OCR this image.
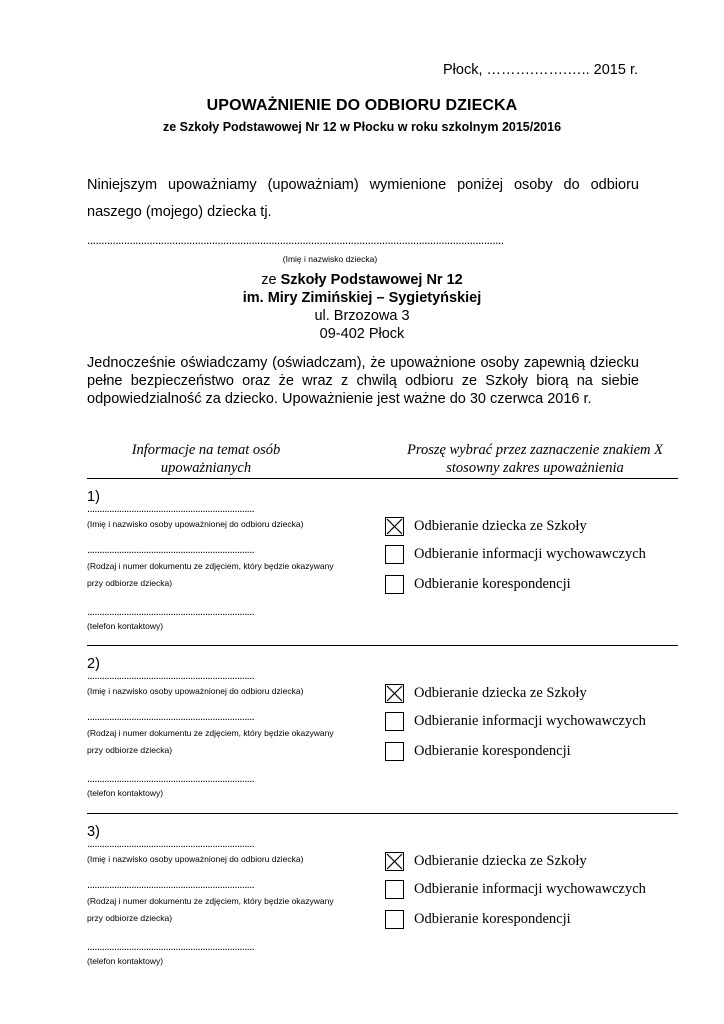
Płock, ……….…….….. 2015 r.
UPOWAŻNIENIE DO ODBIORU DZIECKA
ze Szkoły Podstawowej Nr 12 w Płocku w roku szkolnym 2015/2016
Niniejszym upoważniamy (upoważniam) wymienione poniżej osoby do odbioru naszego (mojego) dziecka tj.
...................................................................................................................................................
(Imię i nazwisko dziecka)
ze Szkoły Podstawowej Nr 12
im. Miry Zimińskiej – Sygietyńskiej
ul. Brzozowa 3
09-402 Płock
Jednocześnie oświadczamy (oświadczam), że upoważnione osoby zapewnią dziecku pełne bezpieczeństwo oraz że wraz z chwilą odbioru ze Szkoły biorą na siebie odpowiedzialność za dziecko. Upoważnienie jest ważne do 30 czerwca 2016 r.
Informacje na temat osób upoważnianych
Proszę wybrać przez zaznaczenie znakiem X stosowny zakres upoważnienia
1)
....................................................................
(Imię i nazwisko osoby upoważnionej do odbioru dziecka)
....................................................................
(Rodzaj i numer dokumentu ze zdjęciem, który będzie okazywany
przy odbiorze dziecka)
....................................................................
(telefon kontaktowy)
Odbieranie dziecka ze Szkoły
Odbieranie informacji wychowawczych
Odbieranie korespondencji
2)
....................................................................
(Imię i nazwisko osoby upoważnionej do odbioru dziecka)
....................................................................
(Rodzaj i numer dokumentu ze zdjęciem, który będzie okazywany
przy odbiorze dziecka)
....................................................................
(telefon kontaktowy)
Odbieranie dziecka ze Szkoły
Odbieranie informacji wychowawczych
Odbieranie korespondencji
3)
....................................................................
(Imię i nazwisko osoby upoważnionej do odbioru dziecka)
....................................................................
(Rodzaj i numer dokumentu ze zdjęciem, który będzie okazywany
przy odbiorze dziecka)
....................................................................
(telefon kontaktowy)
Odbieranie dziecka ze Szkoły
Odbieranie informacji wychowawczych
Odbieranie korespondencji
